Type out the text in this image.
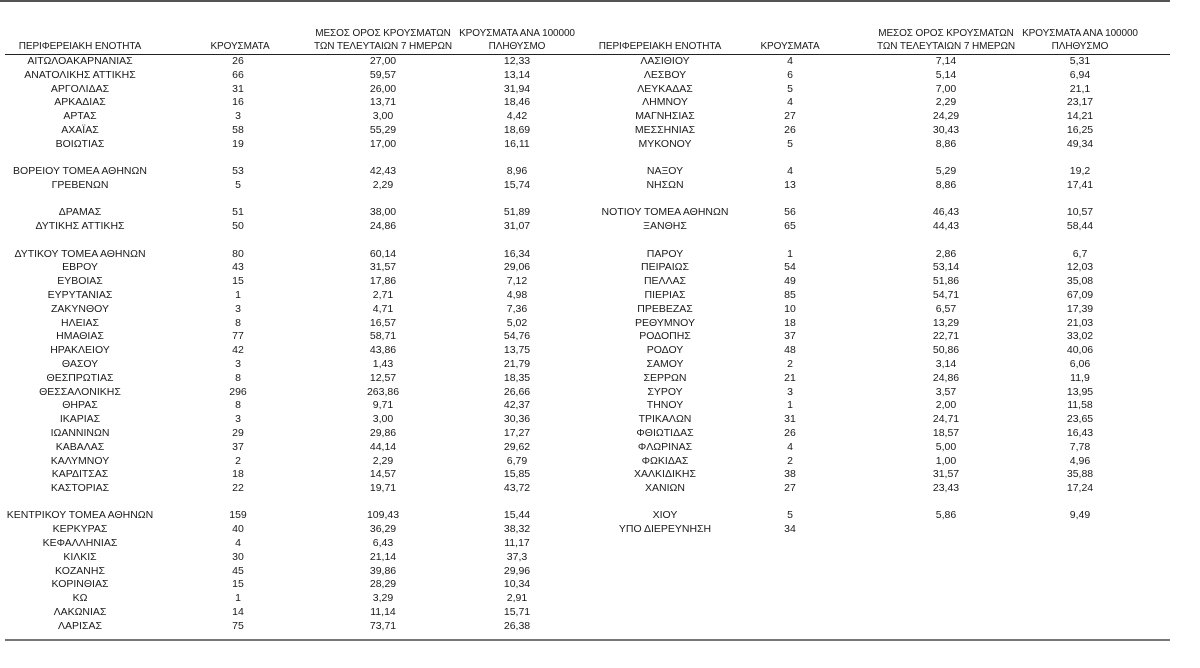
ΠΕΡΙΦΕΡΕΙΑΚΗ ΕΝΟΤΗΤΑ	ΚΡΟΥΣΜΑΤΑ
ΜΕΣΟΣ ΟΡΟΣ ΚΡΟΥΣΜΑΤΩΝ
ΤΩΝ ΤΕΛΕΥΤΑΙΩΝ 7 ΗΜΕΡΩΝ
ΚΡΟΥΣΜΑΤΑ ΑΝΑ 100000
ΠΛΗΘΥΣΜΟ
ΑΙΤΩΛΟΑΚΑΡΝΑΝΙΑΣ	26	27,00	12,33
ΑΝΑΤΟΛΙΚΗΣ ΑΤΤΙΚΗΣ	66	59,57	13,14
ΑΡΓΟΛΙΔΑΣ	31	26,00	31,94
ΑΡΚΑΔΙΑΣ	16	13,71	18,46
ΑΡΤΑΣ	3	3,00	4,42
ΑΧΑΪΑΣ	58	55,29	18,69
ΒΟΙΩΤΙΑΣ	19	17,00	16,11
ΒΟΡΕΙΟΥ ΤΟΜΕΑ ΑΘΗΝΩΝ	53	42,43	8,96
ΓΡΕΒΕΝΩΝ	5	2,29	15,74
ΔΡΑΜΑΣ	51	38,00	51,89
ΔΥΤΙΚΗΣ ΑΤΤΙΚΗΣ	50	24,86	31,07
ΔΥΤΙΚΟΥ ΤΟΜΕΑ ΑΘΗΝΩΝ	80	60,14	16,34
ΕΒΡΟΥ	43	31,57	29,06
ΕΥΒΟΙΑΣ	15	17,86	7,12
ΕΥΡΥΤΑΝΙΑΣ	1	2,71	4,98
ΖΑΚΥΝΘΟΥ	3	4,71	7,36
ΗΛΕΙΑΣ	8	16,57	5,02
ΗΜΑΘΙΑΣ	77	58,71	54,76
ΗΡΑΚΛΕΙΟΥ	42	43,86	13,75
ΘΑΣΟΥ	3	1,43	21,79
ΘΕΣΠΡΩΤΙΑΣ	8	12,57	18,35
ΘΕΣΣΑΛΟΝΙΚΗΣ	296	263,86	26,66
ΘΗΡΑΣ	8	9,71	42,37
ΙΚΑΡΙΑΣ	3	3,00	30,36
ΙΩΑΝΝΙΝΩΝ	29	29,86	17,27
ΚΑΒΑΛΑΣ	37	44,14	29,62
ΚΑΛΥΜΝΟΥ	2	2,29	6,79
ΚΑΡΔΙΤΣΑΣ	18	14,57	15,85
ΚΑΣΤΟΡΙΑΣ	22	19,71	43,72
ΚΕΝΤΡΙΚΟΥ ΤΟΜΕΑ ΑΘΗΝΩΝ	159	109,43	15,44
ΚΕΡΚΥΡΑΣ	40	36,29	38,32
ΚΕΦΑΛΛΗΝΙΑΣ	4	6,43	11,17
ΚΙΛΚΙΣ	30	21,14	37,3
ΚΟΖΑΝΗΣ	45	39,86	29,96
ΚΟΡΙΝΘΙΑΣ	15	28,29	10,34
ΚΩ	1	3,29	2,91
ΛΑΚΩΝΙΑΣ	14	11,14	15,71
ΛΑΡΙΣΑΣ	75	73,71	26,38
ΠΕΡΙΦΕΡΕΙΑΚΗ ΕΝΟΤΗΤΑ	ΚΡΟΥΣΜΑΤΑ
ΜΕΣΟΣ ΟΡΟΣ ΚΡΟΥΣΜΑΤΩΝ
ΤΩΝ ΤΕΛΕΥΤΑΙΩΝ 7 ΗΜΕΡΩΝ
ΚΡΟΥΣΜΑΤΑ ΑΝΑ 100000
ΠΛΗΘΥΣΜΟ
ΛΑΣΙΘΙΟΥ	4	7,14	5,31
ΛΕΣΒΟΥ	6	5,14	6,94
ΛΕΥΚΑΔΑΣ	5	7,00	21,1
ΛΗΜΝΟΥ	4	2,29	23,17
ΜΑΓΝΗΣΙΑΣ	27	24,29	14,21
ΜΕΣΣΗΝΙΑΣ	26	30,43	16,25
ΜΥΚΟΝΟΥ	5	8,86	49,34
ΝΑΞΟΥ	4	5,29	19,2
ΝΗΣΩΝ	13	8,86	17,41
ΝΟΤΙΟΥ ΤΟΜΕΑ ΑΘΗΝΩΝ	56	46,43	10,57
ΞΑΝΘΗΣ	65	44,43	58,44
ΠΑΡΟΥ	1	2,86	6,7
ΠΕΙΡΑΙΩΣ	54	53,14	12,03
ΠΕΛΛΑΣ	49	51,86	35,08
ΠΙΕΡΙΑΣ	85	54,71	67,09
ΠΡΕΒΕΖΑΣ	10	6,57	17,39
ΡΕΘΥΜΝΟΥ	18	13,29	21,03
ΡΟΔΟΠΗΣ	37	22,71	33,02
ΡΟΔΟΥ	48	50,86	40,06
ΣΑΜΟΥ	2	3,14	6,06
ΣΕΡΡΩΝ	21	24,86	11,9
ΣΥΡΟΥ	3	3,57	13,95
ΤΗΝΟΥ	1	2,00	11,58
ΤΡΙΚΑΛΩΝ	31	24,71	23,65
ΦΘΙΩΤΙΔΑΣ	26	18,57	16,43
ΦΛΩΡΙΝΑΣ	4	5,00	7,78
ΦΩΚΙΔΑΣ	2	1,00	4,96
ΧΑΛΚΙΔΙΚΗΣ	38	31,57	35,88
ΧΑΝΙΩΝ	27	23,43	17,24
ΧΙΟΥ	5	5,86	9,49
ΥΠΟ ΔΙΕΡΕΥΝΗΣΗ	34
